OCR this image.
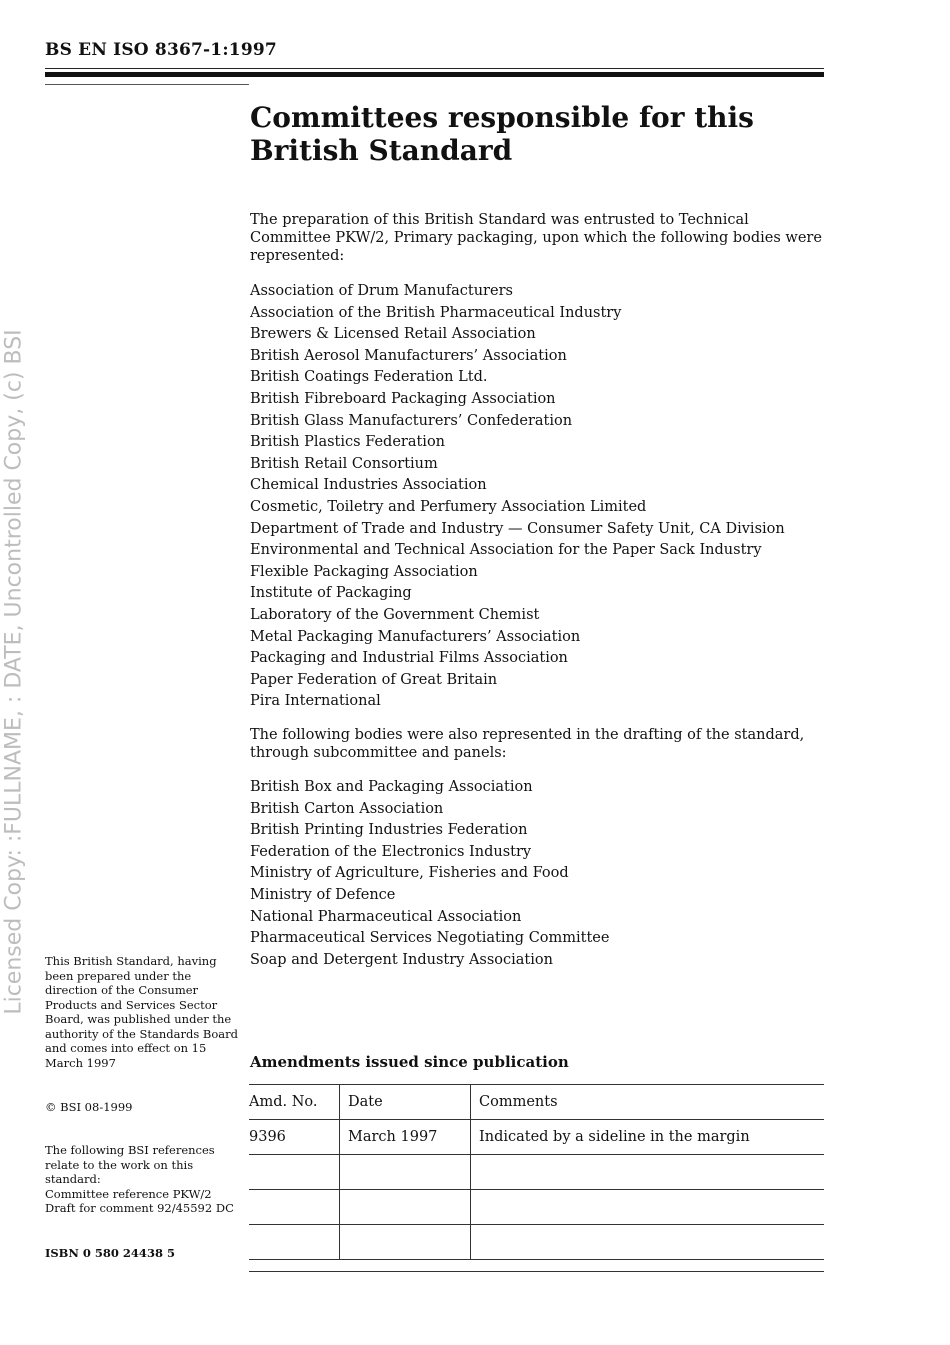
Licensed Copy: :FULLNAME, : DATE, Uncontrolled Copy, (c) BSI
BS EN ISO 8367-1:1997
Committees responsible for this
British Standard
The preparation of this British Standard was entrusted to Technical Committee PKW/2, Primary packaging, upon which the following bodies were represented:
Association of Drum Manufacturers
Association of the British Pharmaceutical Industry
Brewers & Licensed Retail Association
British Aerosol Manufacturers’ Association
British Coatings Federation Ltd.
British Fibreboard Packaging Association
British Glass Manufacturers’ Confederation
British Plastics Federation
British Retail Consortium
Chemical Industries Association
Cosmetic, Toiletry and Perfumery Association Limited
Department of Trade and Industry — Consumer Safety Unit, CA Division
Environmental and Technical Association for the Paper Sack Industry
Flexible Packaging Association
Institute of Packaging
Laboratory of the Government Chemist
Metal Packaging Manufacturers’ Association
Packaging and Industrial Films Association
Paper Federation of Great Britain
Pira International
The following bodies were also represented in the drafting of the standard, through subcommittee and panels:
British Box and Packaging Association
British Carton Association
British Printing Industries Federation
Federation of the Electronics Industry
Ministry of Agriculture, Fisheries and Food
Ministry of Defence
National Pharmaceutical Association
Pharmaceutical Services Negotiating Committee
Soap and Detergent Industry Association
This British Standard, having been prepared under the direction of the Consumer Products and Services Sector Board, was published under the authority of the Standards Board and comes into effect on 15 March 1997
© BSI 08-1999
The following BSI references relate to the work on this standard:
Committee reference PKW/2
Draft for comment 92/45592 DC
ISBN 0 580 24438 5
Amendments issued since publication
Amd. No.	Date	Comments
9396	March 1997	Indicated by a sideline in the margin
